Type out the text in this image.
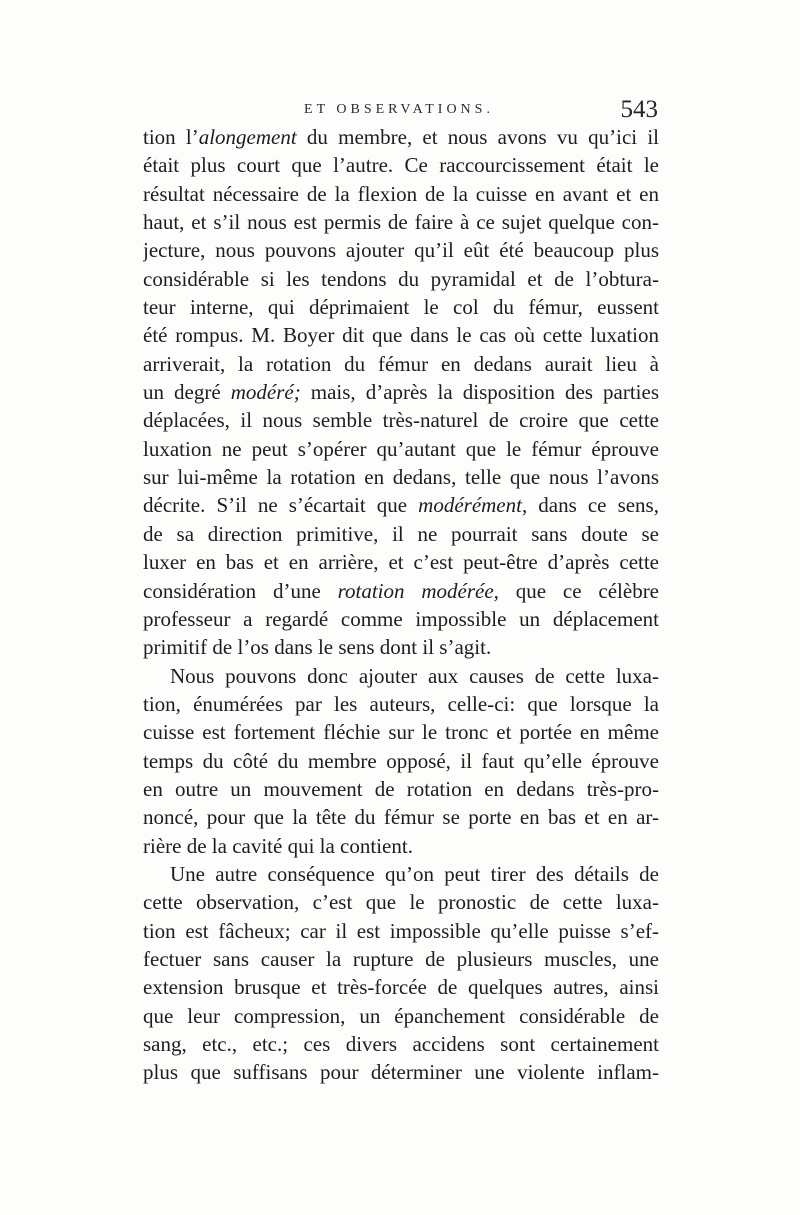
ET OBSERVATIONS.	543
tion l’alongement du membre, et nous avons vu qu’ici il
était plus court que l’autre. Ce raccourcissement était le
résultat nécessaire de la flexion de la cuisse en avant et en
haut, et s’il nous est permis de faire à ce sujet quelque con-
jecture, nous pouvons ajouter qu’il eût été beaucoup plus
considérable si les tendons du pyramidal et de l’obtura-
teur interne, qui déprimaient le col du fémur, eussent
été rompus. M. Boyer dit que dans le cas où cette luxation
arriverait, la rotation du fémur en dedans aurait lieu à
un degré modéré; mais, d’après la disposition des parties
déplacées, il nous semble très-naturel de croire que cette
luxation ne peut s’opérer qu’autant que le fémur éprouve
sur lui-même la rotation en dedans, telle que nous l’avons
décrite. S’il ne s’écartait que modérément, dans ce sens,
de sa direction primitive, il ne pourrait sans doute se
luxer en bas et en arrière, et c’est peut-être d’après cette
considération d’une rotation modérée, que ce célèbre
professeur a regardé comme impossible un déplacement
primitif de l’os dans le sens dont il s’agit.
Nous pouvons donc ajouter aux causes de cette luxa-
tion, énumérées par les auteurs, celle-ci: que lorsque la
cuisse est fortement fléchie sur le tronc et portée en même
temps du côté du membre opposé, il faut qu’elle éprouve
en outre un mouvement de rotation en dedans très-pro-
noncé, pour que la tête du fémur se porte en bas et en ar-
rière de la cavité qui la contient.
Une autre conséquence qu’on peut tirer des détails de
cette observation, c’est que le pronostic de cette luxa-
tion est fâcheux; car il est impossible qu’elle puisse s’ef-
fectuer sans causer la rupture de plusieurs muscles, une
extension brusque et très-forcée de quelques autres, ainsi
que leur compression, un épanchement considérable de
sang, etc., etc.; ces divers accidens sont certainement
plus que suffisans pour déterminer une violente inflam-
